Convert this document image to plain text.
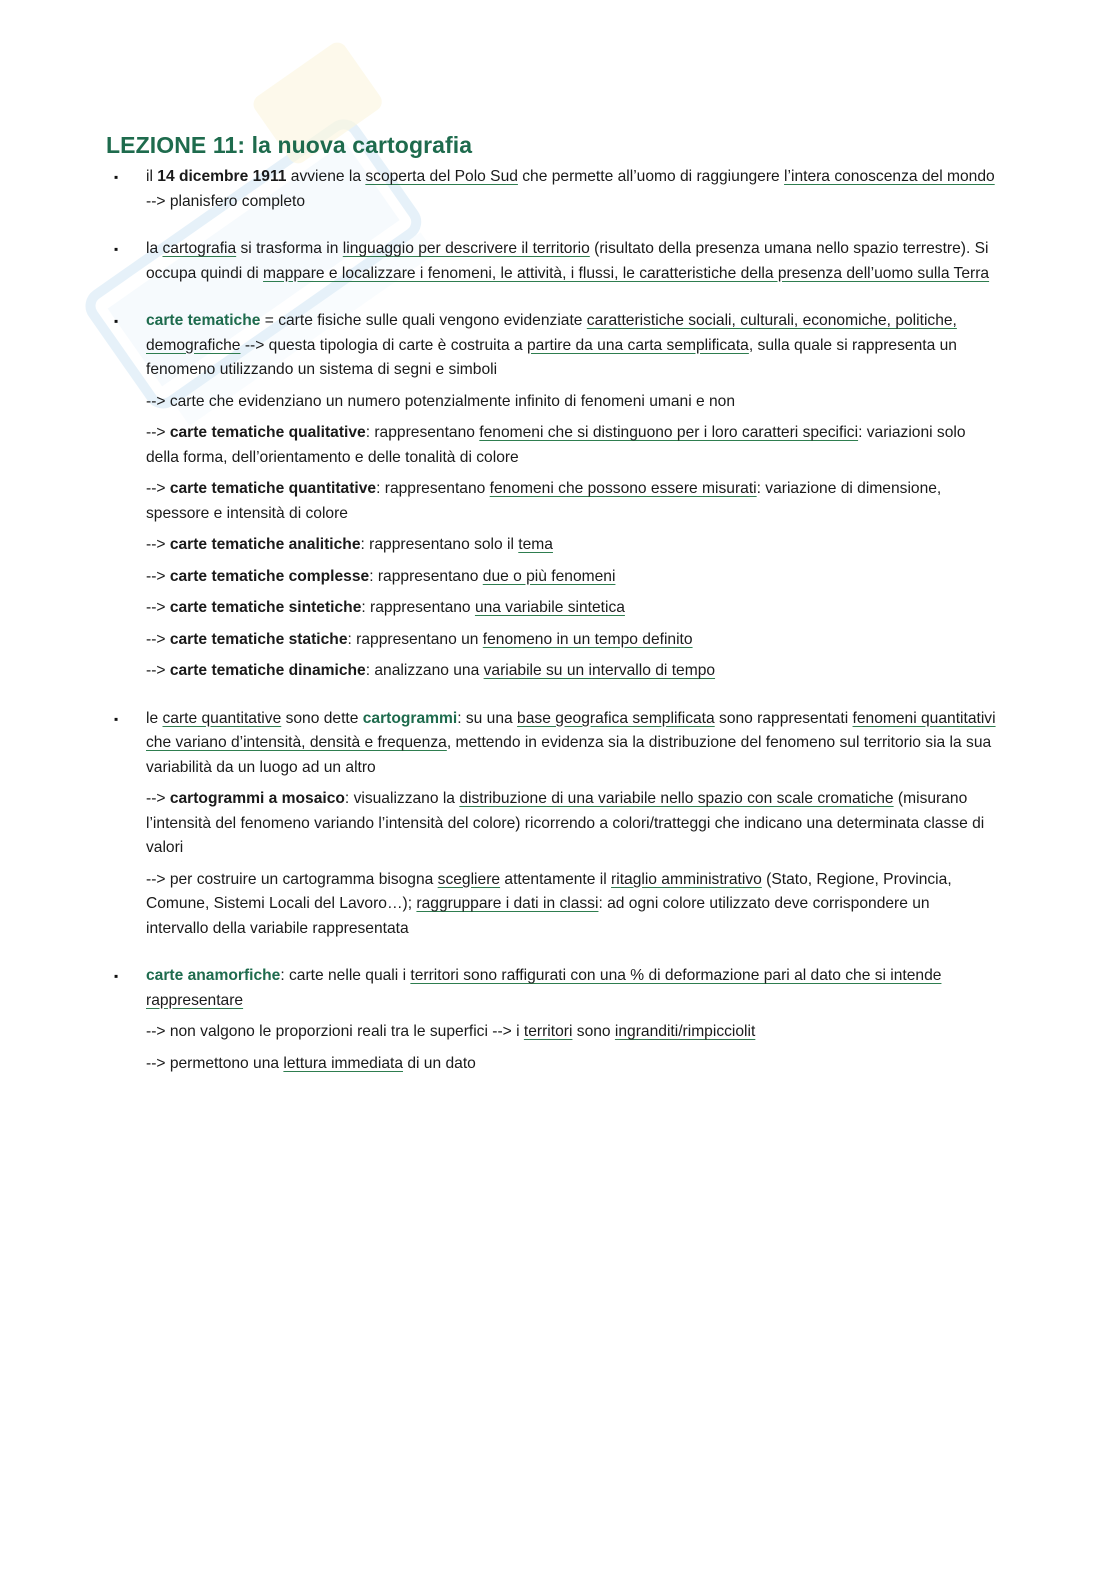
LEZIONE 11: la nuova cartografia
▪ il 14 dicembre 1911 avviene la scoperta del Polo Sud che permette all’uomo di raggiungere l’intera conoscenza del mondo --> planisfero completo

▪ la cartografia si trasforma in linguaggio per descrivere il territorio (risultato della presenza umana nello spazio terrestre). Si occupa quindi di mappare e localizzare i fenomeni, le attività, i flussi, le caratteristiche della presenza dell’uomo sulla Terra

▪ carte tematiche = carte fisiche sulle quali vengono evidenziate caratteristiche sociali, culturali, economiche, politiche, demografiche --> questa tipologia di carte è costruita a partire da una carta semplificata, sulla quale si rappresenta un fenomeno utilizzando un sistema di segni e simboli

--> carte che evidenziano un numero potenzialmente infinito di fenomeni umani e non

--> carte tematiche qualitative: rappresentano fenomeni che si distinguono per i loro caratteri specifici: variazioni solo della forma, dell’orientamento e delle tonalità di colore

--> carte tematiche quantitative: rappresentano fenomeni che possono essere misurati: variazione di dimensione, spessore e intensità di colore

--> carte tematiche analitiche: rappresentano solo il tema

--> carte tematiche complesse: rappresentano due o più fenomeni

--> carte tematiche sintetiche: rappresentano una variabile sintetica

--> carte tematiche statiche: rappresentano un fenomeno in un tempo definito

--> carte tematiche dinamiche: analizzano una variabile su un intervallo di tempo

▪ le carte quantitative sono dette cartogrammi: su una base geografica semplificata sono rappresentati fenomeni quantitativi che variano d’intensità, densità e frequenza, mettendo in evidenza sia la distribuzione del fenomeno sul territorio sia la sua variabilità da un luogo ad un altro

--> cartogrammi a mosaico: visualizzano la distribuzione di una variabile nello spazio con scale cromatiche (misurano l’intensità del fenomeno variando l’intensità del colore) ricorrendo a colori/tratteggi che indicano una determinata classe di valori

--> per costruire un cartogramma bisogna scegliere attentamente il ritaglio amministrativo (Stato, Regione, Provincia, Comune, Sistemi Locali del Lavoro…); raggruppare i dati in classi: ad ogni colore utilizzato deve corrispondere un intervallo della variabile rappresentata

▪ carte anamorfiche: carte nelle quali i territori sono raffigurati con una % di deformazione pari al dato che si intende rappresentare

--> non valgono le proporzioni reali tra le superfici --> i territori sono ingranditi/rimpicciolit

--> permettono una lettura immediata di un dato
